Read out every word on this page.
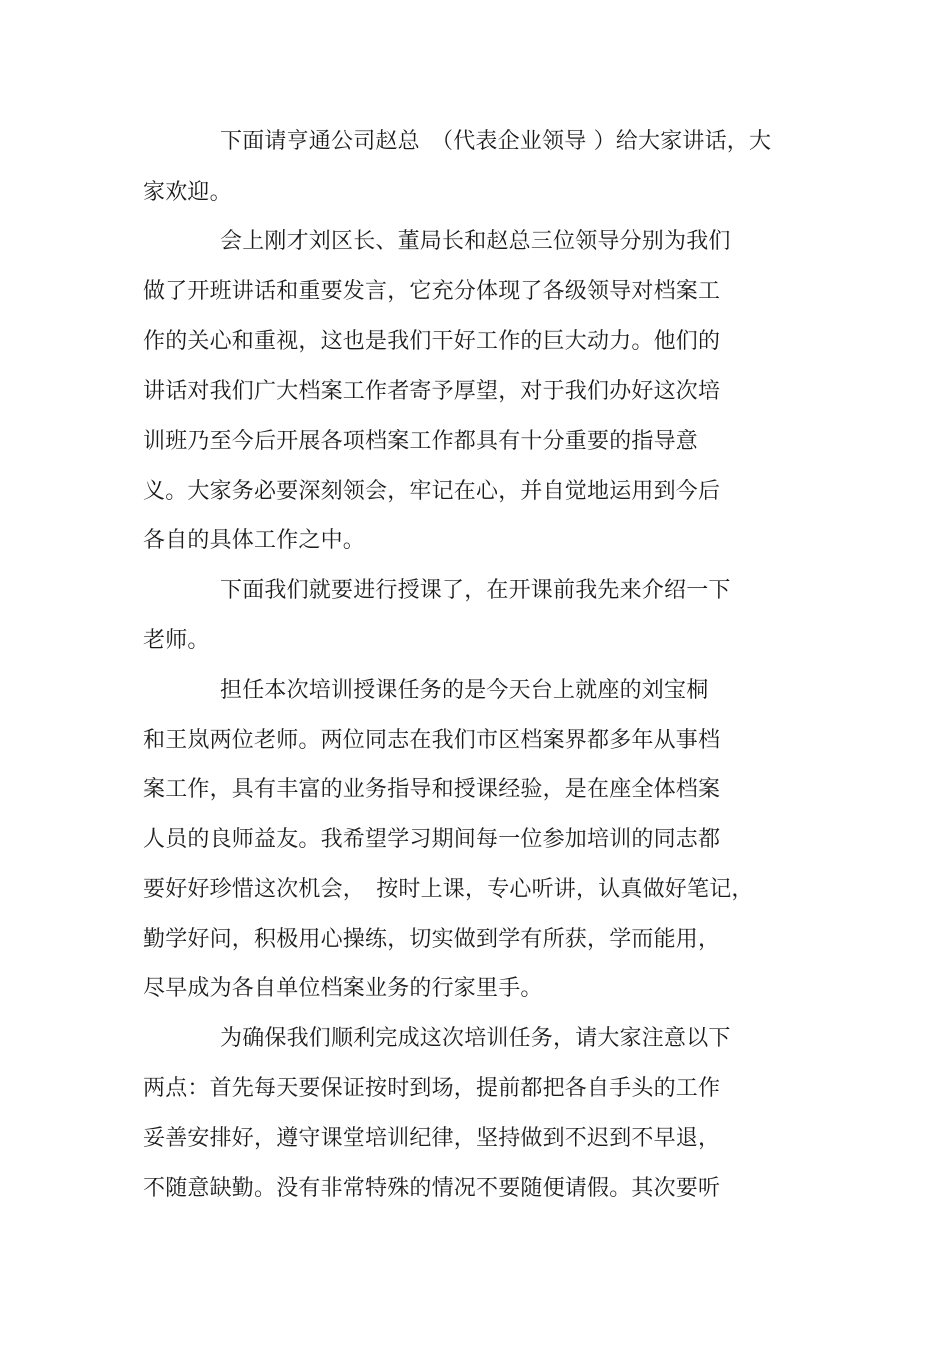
下面请亨通公司赵总　（代表企业领导 ）给大家讲话，大
家欢迎。
会上刚才刘区长、董局长和赵总三位领导分别为我们
做了开班讲话和重要发言，它充分体现了各级领导对档案工
作的关心和重视，这也是我们干好工作的巨大动力。他们的
讲话对我们广大档案工作者寄予厚望，对于我们办好这次培
训班乃至今后开展各项档案工作都具有十分重要的指导意
义。大家务必要深刻领会，牢记在心，并自觉地运用到今后
各自的具体工作之中。
下面我们就要进行授课了，在开课前我先来介绍一下
老师。
担任本次培训授课任务的是今天台上就座的刘宝桐
和王岚两位老师。两位同志在我们市区档案界都多年从事档
案工作，具有丰富的业务指导和授课经验，是在座全体档案
人员的良师益友。我希望学习期间每一位参加培训的同志都
要好好珍惜这次机会，　按时上课，专心听讲，认真做好笔记，
勤学好问，积极用心操练，切实做到学有所获，学而能用，
尽早成为各自单位档案业务的行家里手。
为确保我们顺利完成这次培训任务，请大家注意以下
两点：首先每天要保证按时到场，提前都把各自手头的工作
妥善安排好，遵守课堂培训纪律，坚持做到不迟到不早退，
不随意缺勤。没有非常特殊的情况不要随便请假。其次要听
